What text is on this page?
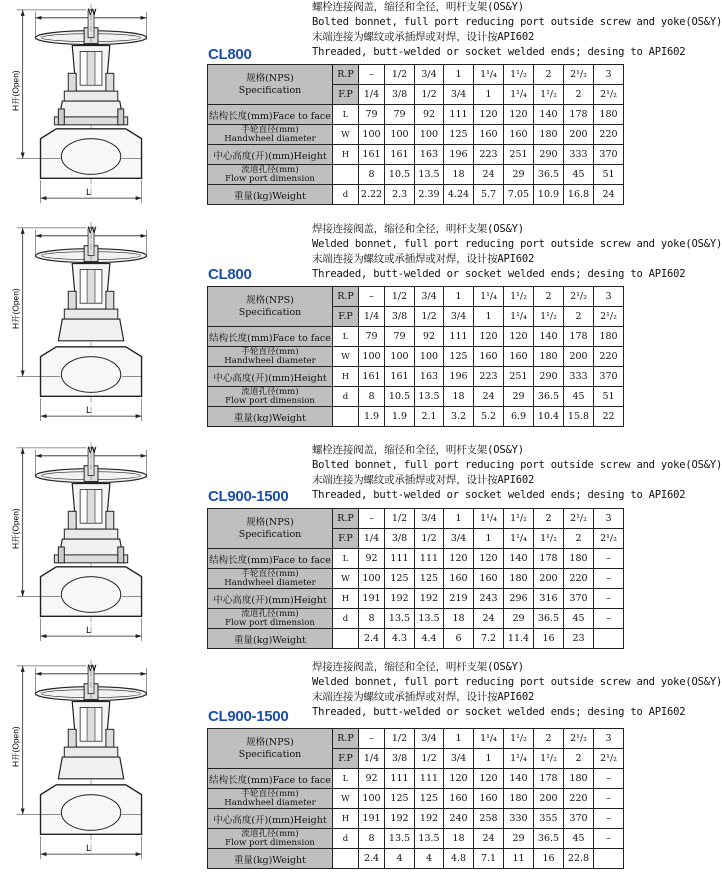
W
H开(Open)
L
螺栓连接阀盖，缩径和全径，明杆支架(OS&Y)
Bolted bonnet, full port reducing port outside screw and yoke(OS&Y)
末端连接为螺纹或承插焊或对焊，设计按API602
Threaded, butt-welded or socket welded ends; desing to API602
CL800
规格(NPS)
Specification	R.P	–	1/2	3/4	1	1¹/₄	1¹/₂	2	2¹/₂	3
	F.P	1/4	3/8	1/2	3/4	1	1¹/₄	1¹/₂	2	2¹/₂
结构长度(mm)Face to face	L	79	79	92	111	120	120	140	178	180

手轮直径(mm)
Handwheel diameter	W	100	100	100	125	160	160	180	200	220
中心高度(开)(mm)Height	H	161	161	163	196	223	251	290	333	370

流道孔径(mm)
Flow port dimension		8	10.5	13.5	18	24	29	36.5	45	51
重量(kg)Weight	d	2.22	2.3	2.39	4.24	5.7	7.05	10.9	16.8	24
W
H开(Open)
L
焊接连接阀盖，缩径和全径，明杆支架(OS&Y)
Welded bonnet, full port reducing port outside screw and yoke(OS&Y)
末端连接为螺纹或承插焊或对焊，设计按API602
Threaded, butt-welded or socket welded ends; desing to API602
CL800
规格(NPS)
Specification	R.P	–	1/2	3/4	1	1¹/₄	1¹/₂	2	2¹/₂	3
	F.P	1/4	3/8	1/2	3/4	1	1¹/₄	1¹/₂	2	2¹/₂
结构长度(mm)Face to face	L	79	79	92	111	120	120	140	178	180

手轮直径(mm)
Handwheel diameter	W	100	100	100	125	160	160	180	200	220
中心高度(开)(mm)Height	H	161	161	163	196	223	251	290	333	370

流道孔径(mm)
Flow port dimension	d	8	10.5	13.5	18	24	29	36.5	45	51
重量(kg)Weight		1.9	1.9	2.1	3.2	5.2	6.9	10.4	15.8	22
W
H开(Open)
L
螺栓连接阀盖，缩径和全径，明杆支架(OS&Y)
Bolted bonnet, full port reducing port outside screw and yoke(OS&Y)
末端连接为螺纹或承插焊或对焊，设计按API602
Threaded, butt-welded or socket welded ends; desing to API602
CL900-1500
规格(NPS)
Specification	R.P	–	1/2	3/4	1	1¹/₄	1¹/₂	2	2¹/₂	3
	F.P	1/4	3/8	1/2	3/4	1	1¹/₄	1¹/₂	2	2¹/₂
结构长度(mm)Face to face	L	92	111	111	120	120	140	178	180	–

手轮直径(mm)
Handwheel diameter	W	100	125	125	160	160	180	200	220	–
中心高度(开)(mm)Height	H	191	192	192	219	243	296	316	370	–

流道孔径(mm)
Flow port dimension	d	8	13.5	13.5	18	24	29	36.5	45	–
重量(kg)Weight		2.4	4.3	4.4	6	7.2	11.4	16	23	
W
H开(Open)
L
焊接连接阀盖，缩径和全径，明杆支架(OS&Y)
Welded bonnet, full port reducing port outside screw and yoke(OS&Y)
末端连接为螺纹或承插焊或对焊，设计按API602
Threaded, butt-welded or socket welded ends; desing to API602
CL900-1500
规格(NPS)
Specification	R.P	–	1/2	3/4	1	1¹/₄	1¹/₂	2	2¹/₂	3
	F.P	1/4	3/8	1/2	3/4	1	1¹/₄	1¹/₂	2	2¹/₂
结构长度(mm)Face to face	L	92	111	111	120	120	140	178	180	–

手轮直径(mm)
Handwheel diameter	W	100	125	125	160	160	180	200	220	–
中心高度(开)(mm)Height	H	191	192	192	240	258	330	355	370	–

流道孔径(mm)
Flow port dimension	d	8	13.5	13.5	18	24	29	36.5	45	–
重量(kg)Weight		2.4	4	4	4.8	7.1	11	16	22.8	
